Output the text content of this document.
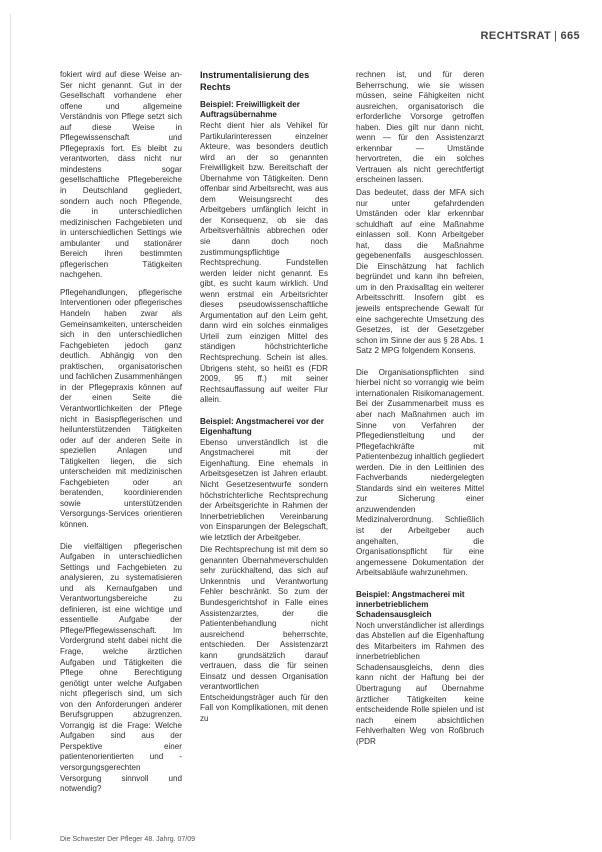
RECHTSRAT | 665

fokiert wird auf diese Weise an-Ser nicht genannt. Gut in der Gesellschaft vorhandene eher offene und allgemeine Verständnis von Pflege setzt sich auf diese Weise in Pflegewissenschaft und Pflegepraxis fort. Es bleibt zu verantworten, dass nicht nur mindestens sogar gesellschaftliche Pflegebereiche in Deutschland gegliedert, sondern auch noch Pflegende, die in unterschiedlichen medizinischen Fachgebieten und in unterschiedlichen Settings wie ambulanter und stationärer Bereich ihren bestimmten pflegerischen Tätigkeiten nachgehen.

Pflegehandlungen, pflegerische Interventionen oder pflegerisches Handeln haben zwar als Gemeinsamkeiten, unterscheiden sich in den unterschiedlichen Fachgebieten jedoch ganz deutlich. Abhängig von den praktischen, organisatorischen und fachlichen Zusammenhängen in der Pflegepraxis können auf der einen Seite die Verantwortlichkeiten der Pflege nicht in Basispflegerischen und heilunterstützenden Tätigkeiten oder auf der anderen Seite in speziellen Anlagen und Tätigkeiten liegen, die sich unterscheiden mit medizinischen Fachgebieten oder an beratenden, koordinierenden sowie unterstützenden Versorgungs-Services orientieren können.

Die vielfältigen pflegerischen Aufgaben in unterschiedlichen Settings und Fachgebieten zu analysieren, zu systematisieren und als Kernaufgaben und Verantwortungsbereiche zu definieren, ist eine wichtige und essentielle Aufgabe der Pflege/Pflegewissenschaft. Im Vordergrund steht dabei nicht die Frage, welche ärztlichen Aufgaben und Tätigkeiten die Pflege ohne Berechtigung genötigt unter welche Aufgaben nicht pflegerisch sind, um sich von den Anforderungen anderer Berufsgruppen abzugrenzen. Vorrangig ist die Frage: Welche Aufgaben sind aus der Perspektive einer patientenorientierten und -versorgungsgerechten Versorgung sinnvoll und notwendig?

Instrumentalisierung des Rechts
Beispiel: Freiwilligkeit der Auftragsübernahme

Recht dient hier als Vehikel für Partikularinteressen einzelner Akteure, was besonders deutlich wird an der so genannten Freiwilligkeit bzw. Bereitschaft der Übernahme von Tätigkeiten. Denn offenbar sind Arbeitsrecht, was aus dem Weisungsrecht des Arbeitgebers umfänglich leicht in der Konsequenz, ob sie das Arbeitsverhältnis abbrechen oder sie dann doch noch zustimmungspflichtige Rechtsprechung. Fundstellen werden leider nicht genannt. Es gibt, es sucht kaum wirklich. Und wenn erstmal ein Arbeitsrichter dieses pseudowissenschaftliche Argumentation auf den Leim geht, dann wird ein solches einmaliges Urteil zum einzigen Mittel des ständigen höchstrichterliche Rechtsprechung. Schein ist alles. Übrigens steht, so heißt es (FDR 2009, 95 ff.) mit seiner Rechtsauffassung auf weiter Flur allein.

Beispiel: Angstmacherei vor der Eigenhaftung

Ebenso unverständlich ist die Angstmacherei mit der Eigenhaftung. Eine ehemals in Arbeitsgesetzen ist Jahren erlaubt. Nicht Gesetzesentwurfe sondern höchstrichterliche Rechtsprechung der Arbeitsgerichte in Rahmen der Innerbetrieblichen Vereinbarung von Einsparungen der Belegschaft, wie letztlich der Arbeitgeber.

Die Rechtsprechung ist mit dem so genannten Übernahmeverschulden sehr zurückhaltend, das sich auf Unkenntnis und Verantwortung Fehler beschränkt. So zum der Bundesgerichtshof in Falle eines Assistenzarztes, der die Patientenbehandlung nicht ausreichend beherrschte, entschieden. Der Assistenzarzt kann grundsätzlich darauf vertrauen, dass die für seinen Einsatz und dessen Organisation verantwortlichen Entscheidungsträger auch für den Fall von Komplikationen, mit denen zu

rechnen ist, und für deren Beherrschung, wie sie wissen müssen, seine Fähigkeiten nicht ausreichen, organisatorisch die erforderliche Vorsorge getroffen haben. Dies gilt nur dann nicht, wenn — für den Assistenzarzt erkennbar — Umstände hervortreten, die ein solches Vertrauen als nicht gerechtfertigt erscheinen lassen.

Das bedeutet, dass der MFA sich nur unter gefahrdenden Umständen oder klar erkennbar schuldhaft auf eine Maßnahme einlassen soll. Konn Arbeitgeber hat, dass die Maßnahme gegebenenfalls ausgeschlossen. Die Einschätzung hat fachlich begründet und kann ihn befreien, um in den Praxisalltag ein weiterer Arbeitsschritt. Insofern gibt es jeweils entsprechende Gewalt für eine sachgerechte Umsetzung des Gesetzes, ist der Gesetzgeber schon im Sinne der aus § 28 Abs. 1 Satz 2 MPG folgendem Konsens.

Die Organisationspflichten sind hierbei nicht so vorrangig wie beim internationalen Risikomanagement. Bei der Zusammenarbeit muss es aber nach Maßnahmen auch im Sinne von Verfahren der Pflegedienstleitung und der Pflegefachkräfte mit Patientenbezug inhaltlich gegliedert werden. Die in den Leitlinien des Fachverbands niedergelegten Standards sind ein weiteres Mittel zur Sicherung einer anzuwendenden Medizinalverordnung. Schließlich ist der Arbeitgeber auch angehalten, die Organisationspflicht für eine angemessene Dokumentation der Arbeitsabläufe wahrzunehmen.

Beispiel: Angstmacherei mit innerbetrieblichem Schadensausgleich

Noch unverständlicher ist allerdings das Abstellen auf die Eigenhaftung des Mitarbeiters im Rahmen des innerbetrieblichen Schadensausgleichs, denn dies kann nicht der Haftung bei der Übertragung auf Übernahme ärztlicher Tätigkeiten keine entscheidende Rolle spielen und ist nach einem absichtlichen Fehlverhalten Weg von Roßbruch (PDR

Die Schwester Der Pfleger 48. Jahrg. 07/09
